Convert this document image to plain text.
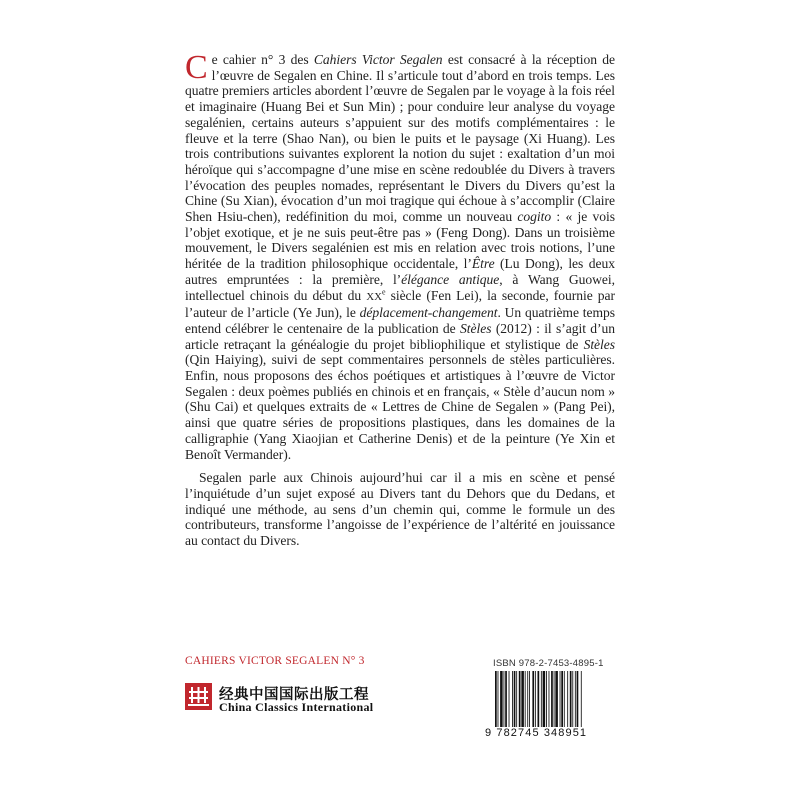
Ce cahier n° 3 des Cahiers Victor Segalen est consacré à la réception de l’œuvre de Segalen en Chine. Il s’articule tout d’abord en trois temps. Les quatre premiers articles abordent l’œuvre de Segalen par le voyage à la fois réel et imaginaire (Huang Bei et Sun Min) ; pour conduire leur analyse du voyage segalénien, certains auteurs s’appuient sur des motifs complémentaires : le fleuve et la terre (Shao Nan), ou bien le puits et le paysage (Xi Huang). Les trois contributions suivantes explorent la notion du sujet : exaltation d’un moi héroïque qui s’accompagne d’une mise en scène redoublée du Divers à travers l’évocation des peuples nomades, représentant le Divers du Divers qu’est la Chine (Su Xian), évocation d’un moi tragique qui échoue à s’accomplir (Claire Shen Hsiu-chen), redéfinition du moi, comme un nouveau cogito : « je vois l’objet exotique, et je ne suis peut-être pas » (Feng Dong). Dans un troisième mouvement, le Divers segalénien est mis en relation avec trois notions, l’une héritée de la tradition philosophique occidentale, l’Être (Lu Dong), les deux autres empruntées : la première, l’élégance antique, à Wang Guowei, intellectuel chinois du début du XXe siècle (Fen Lei), la seconde, fournie par l’auteur de l’article (Ye Jun), le déplacement-changement. Un quatrième temps entend célébrer le centenaire de la publication de Stèles (2012) : il s’agit d’un article retraçant la généalogie du projet bibliophilique et stylistique de Stèles (Qin Haiying), suivi de sept commentaires personnels de stèles particulières. Enfin, nous proposons des échos poétiques et artistiques à l’œuvre de Victor Segalen : deux poèmes publiés en chinois et en français, « Stèle d’aucun nom » (Shu Cai) et quelques extraits de « Lettres de Chine de Segalen » (Pang Pei), ainsi que quatre séries de propositions plastiques, dans les domaines de la calligraphie (Yang Xiaojian et Catherine Denis) et de la peinture (Ye Xin et Benoît Vermander).

Segalen parle aux Chinois aujourd’hui car il a mis en scène et pensé l’inquiétude d’un sujet exposé au Divers tant du Dehors que du Dedans, et indiqué une méthode, au sens d’un chemin qui, comme le formule un des contributeurs, transforme l’angoisse de l’expérience de l’altérité en jouissance au contact du Divers.

CAHIERS VICTOR SEGALEN N° 3
经典中国国际出版工程
China Classics International
ISBN 978-2-7453-4895-1
9 782745 348951
